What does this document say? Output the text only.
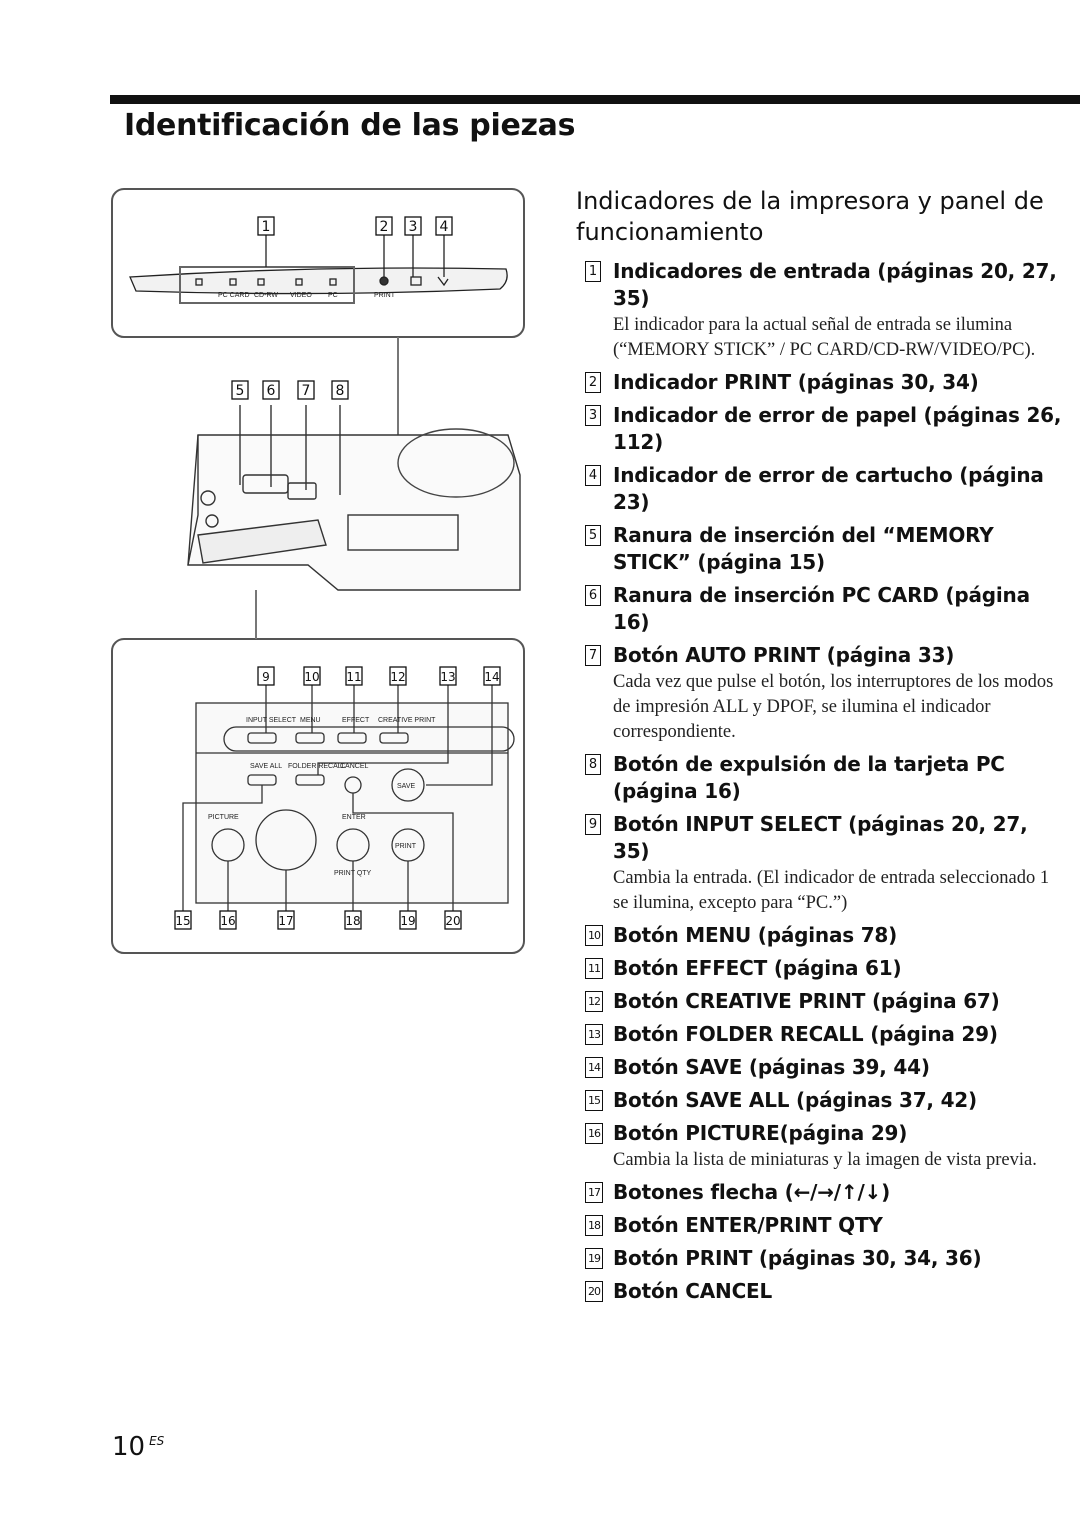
Identificación de las piezas
PC CARD CD-RW VIDEO PC	PRINT
1	2 3 4
5 6 7 8
INPUT SELECT MENU	EFFECT CREATIVE PRINT
SAVE ALL FOLDER RECALL
CANCEL
SAVE
PICTURE	ENTER
PRINT
PRINT QTY
9	10 11 12	13 14
15 16	17	18	19 20
Indicadores de la impresora y panel de funcionamiento
1 Indicadores de entrada (páginas 20, 27, 35)
El indicador para la actual señal de entrada se ilumina (“MEMORY STICK” / PC CARD/CD-RW/VIDEO/PC).
2 Indicador PRINT (páginas 30, 34)
3 Indicador de error de papel (páginas 26, 112)
4 Indicador de error de cartucho (página 23)
5 Ranura de inserción del “MEMORY STICK” (página 15)
6 Ranura de inserción PC CARD (página 16)
7 Botón AUTO PRINT (página 33)
Cada vez que pulse el botón, los interruptores de los modos de impresión ALL y DPOF, se ilumina el indicador correspondiente.
8 Botón de expulsión de la tarjeta PC (página 16)
9 Botón INPUT SELECT (páginas 20, 27, 35)
Cambia la entrada. (El indicador de entrada seleccionado 1 se ilumina, excepto para “PC.”)
10 Botón MENU (páginas 78)
11 Botón EFFECT (página 61)
12 Botón CREATIVE PRINT (página 67)
13 Botón FOLDER RECALL (página 29)
14 Botón SAVE (páginas 39, 44)
15 Botón SAVE ALL (páginas 37, 42)
16 Botón PICTURE(página 29)
Cambia la lista de miniaturas y la imagen de vista previa.
17 Botones flecha (←/→/↑/↓)
18 Botón ENTER/PRINT QTY
19 Botón PRINT (páginas 30, 34, 36)
20 Botón CANCEL
10 $^{ES}$
